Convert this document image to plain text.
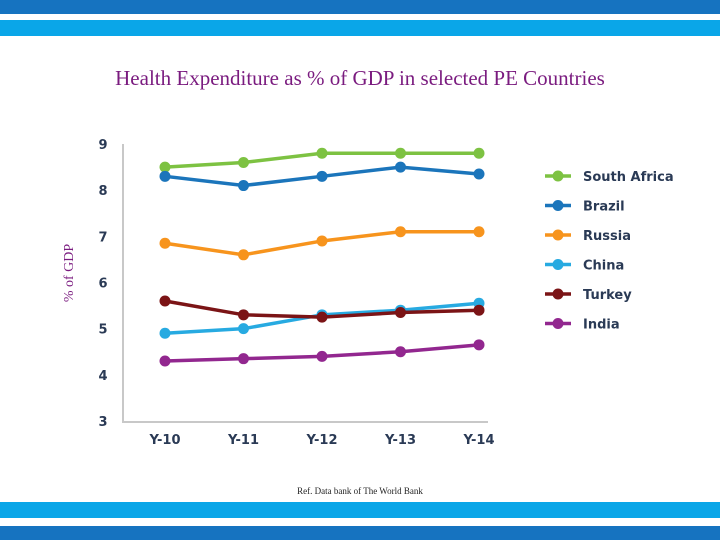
Health Expenditure as % of GDP in selected PE Countries
% of GDP
9
8
7
6
5
4
3
Y-10	Y-11	Y-12	Y-13	Y-14
South Africa
Brazil
Russia
China
Turkey
India
Ref. Data bank of The World Bank
